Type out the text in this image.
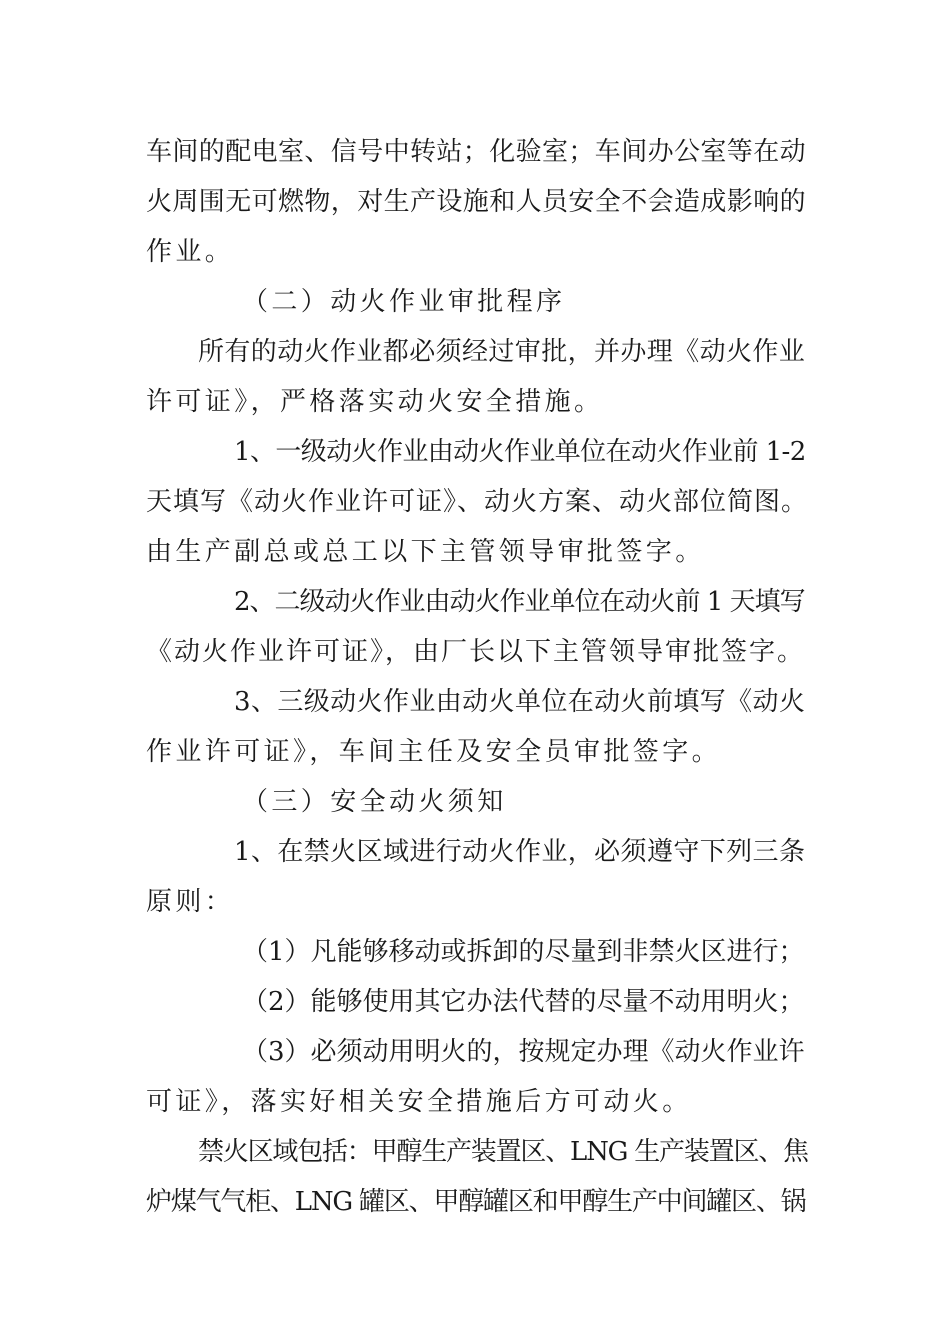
车间的配电室、信号中转站；化验室；车间办公室等在动
火周围无可燃物，对生产设施和人员安全不会造成影响的
作业。
（二）动火作业审批程序
所有的动火作业都必须经过审批，并办理《动火作业
许可证》，严格落实动火安全措施。
1、一级动火作业由动火作业单位在动火作业前 1-2
天填写《动火作业许可证》、动火方案、动火部位简图。
由生产副总或总工以下主管领导审批签字。
2、二级动火作业由动火作业单位在动火前 1 天填写
《动火作业许可证》，由厂长以下主管领导审批签字。
3、三级动火作业由动火单位在动火前填写《动火
作业许可证》，车间主任及安全员审批签字。
（三）安全动火须知
1、在禁火区域进行动火作业，必须遵守下列三条
原则：
（1）凡能够移动或拆卸的尽量到非禁火区进行；
（2）能够使用其它办法代替的尽量不动用明火；
（3）必须动用明火的，按规定办理《动火作业许
可证》，落实好相关安全措施后方可动火。
禁火区域包括：甲醇生产装置区、LNG 生产装置区、焦
炉煤气气柜、LNG 罐区、甲醇罐区和甲醇生产中间罐区、锅
